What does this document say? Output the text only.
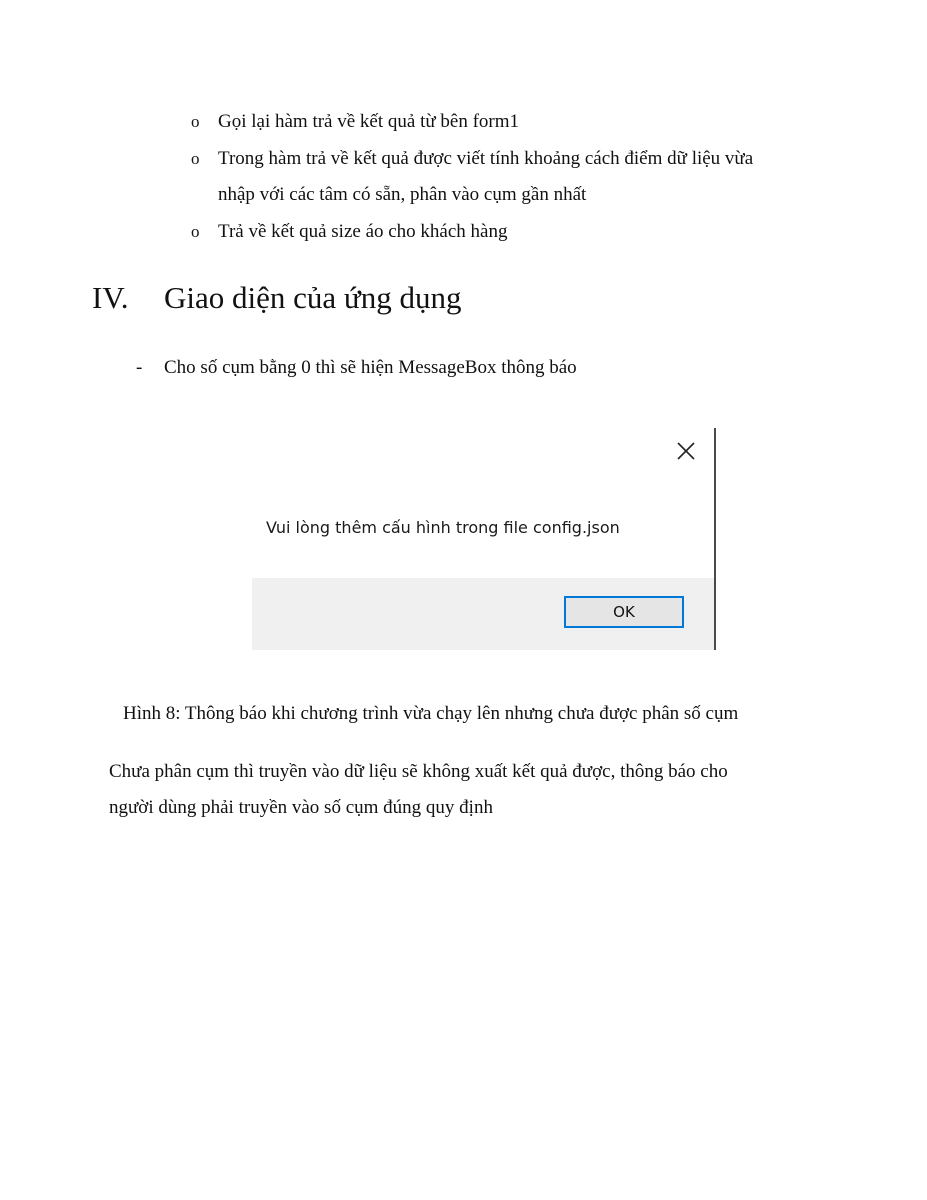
o Gọi lại hàm trả về kết quả từ bên form1
o Trong hàm trả về kết quả được viết tính khoảng cách điểm dữ liệu vừa
nhập với các tâm có sẵn, phân vào cụm gần nhất
o Trả về kết quả size áo cho khách hàng
IV. Giao diện của ứng dụng
- Cho số cụm bằng 0 thì sẽ hiện MessageBox thông báo
Vui lòng thêm cấu hình trong file config.json
OK
Hình 8: Thông báo khi chương trình vừa chạy lên nhưng chưa được phân số cụm
Chưa phân cụm thì truyền vào dữ liệu sẽ không xuất kết quả được, thông báo cho
người dùng phải truyền vào số cụm đúng quy định
